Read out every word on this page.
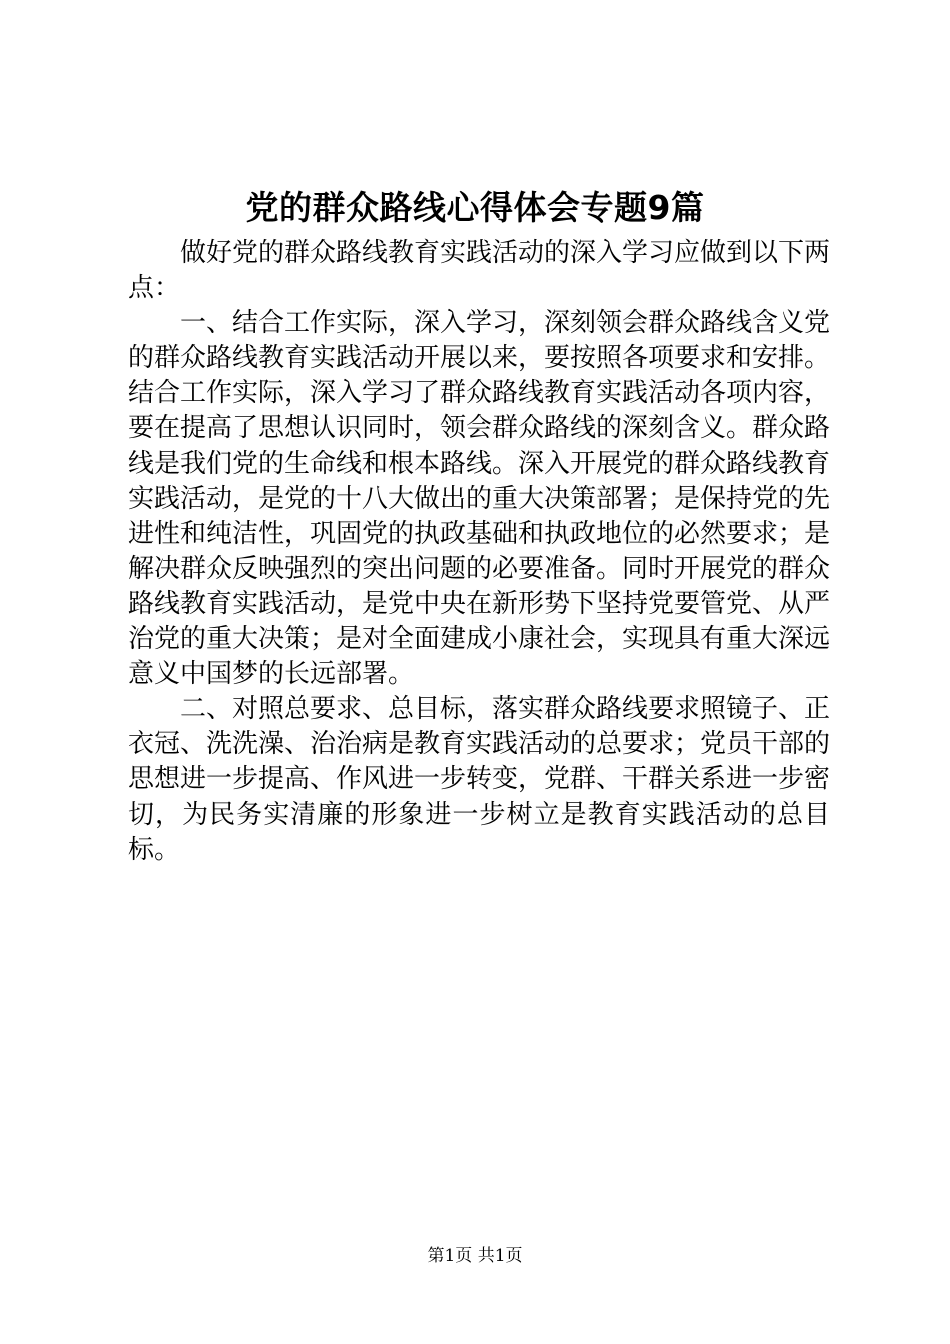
党的群众路线心得体会专题9篇

做好党的群众路线教育实践活动的深入学习应做到以下两点：

一、结合工作实际，深入学习，深刻领会群众路线含义党的群众路线教育实践活动开展以来，要按照各项要求和安排。结合工作实际，深入学习了群众路线教育实践活动各项内容，要在提高了思想认识同时，领会群众路线的深刻含义。群众路线是我们党的生命线和根本路线。深入开展党的群众路线教育实践活动，是党的十八大做出的重大决策部署；是保持党的先进性和纯洁性，巩固党的执政基础和执政地位的必然要求；是解决群众反映强烈的突出问题的必要准备。同时开展党的群众路线教育实践活动，是党中央在新形势下坚持党要管党、从严治党的重大决策；是对全面建成小康社会，实现具有重大深远意义中国梦的长远部署。

二、对照总要求、总目标，落实群众路线要求照镜子、正衣冠、洗洗澡、治治病是教育实践活动的总要求；党员干部的思想进一步提高、作风进一步转变，党群、干群关系进一步密切，为民务实清廉的形象进一步树立是教育实践活动的总目标。

第1页 共1页
